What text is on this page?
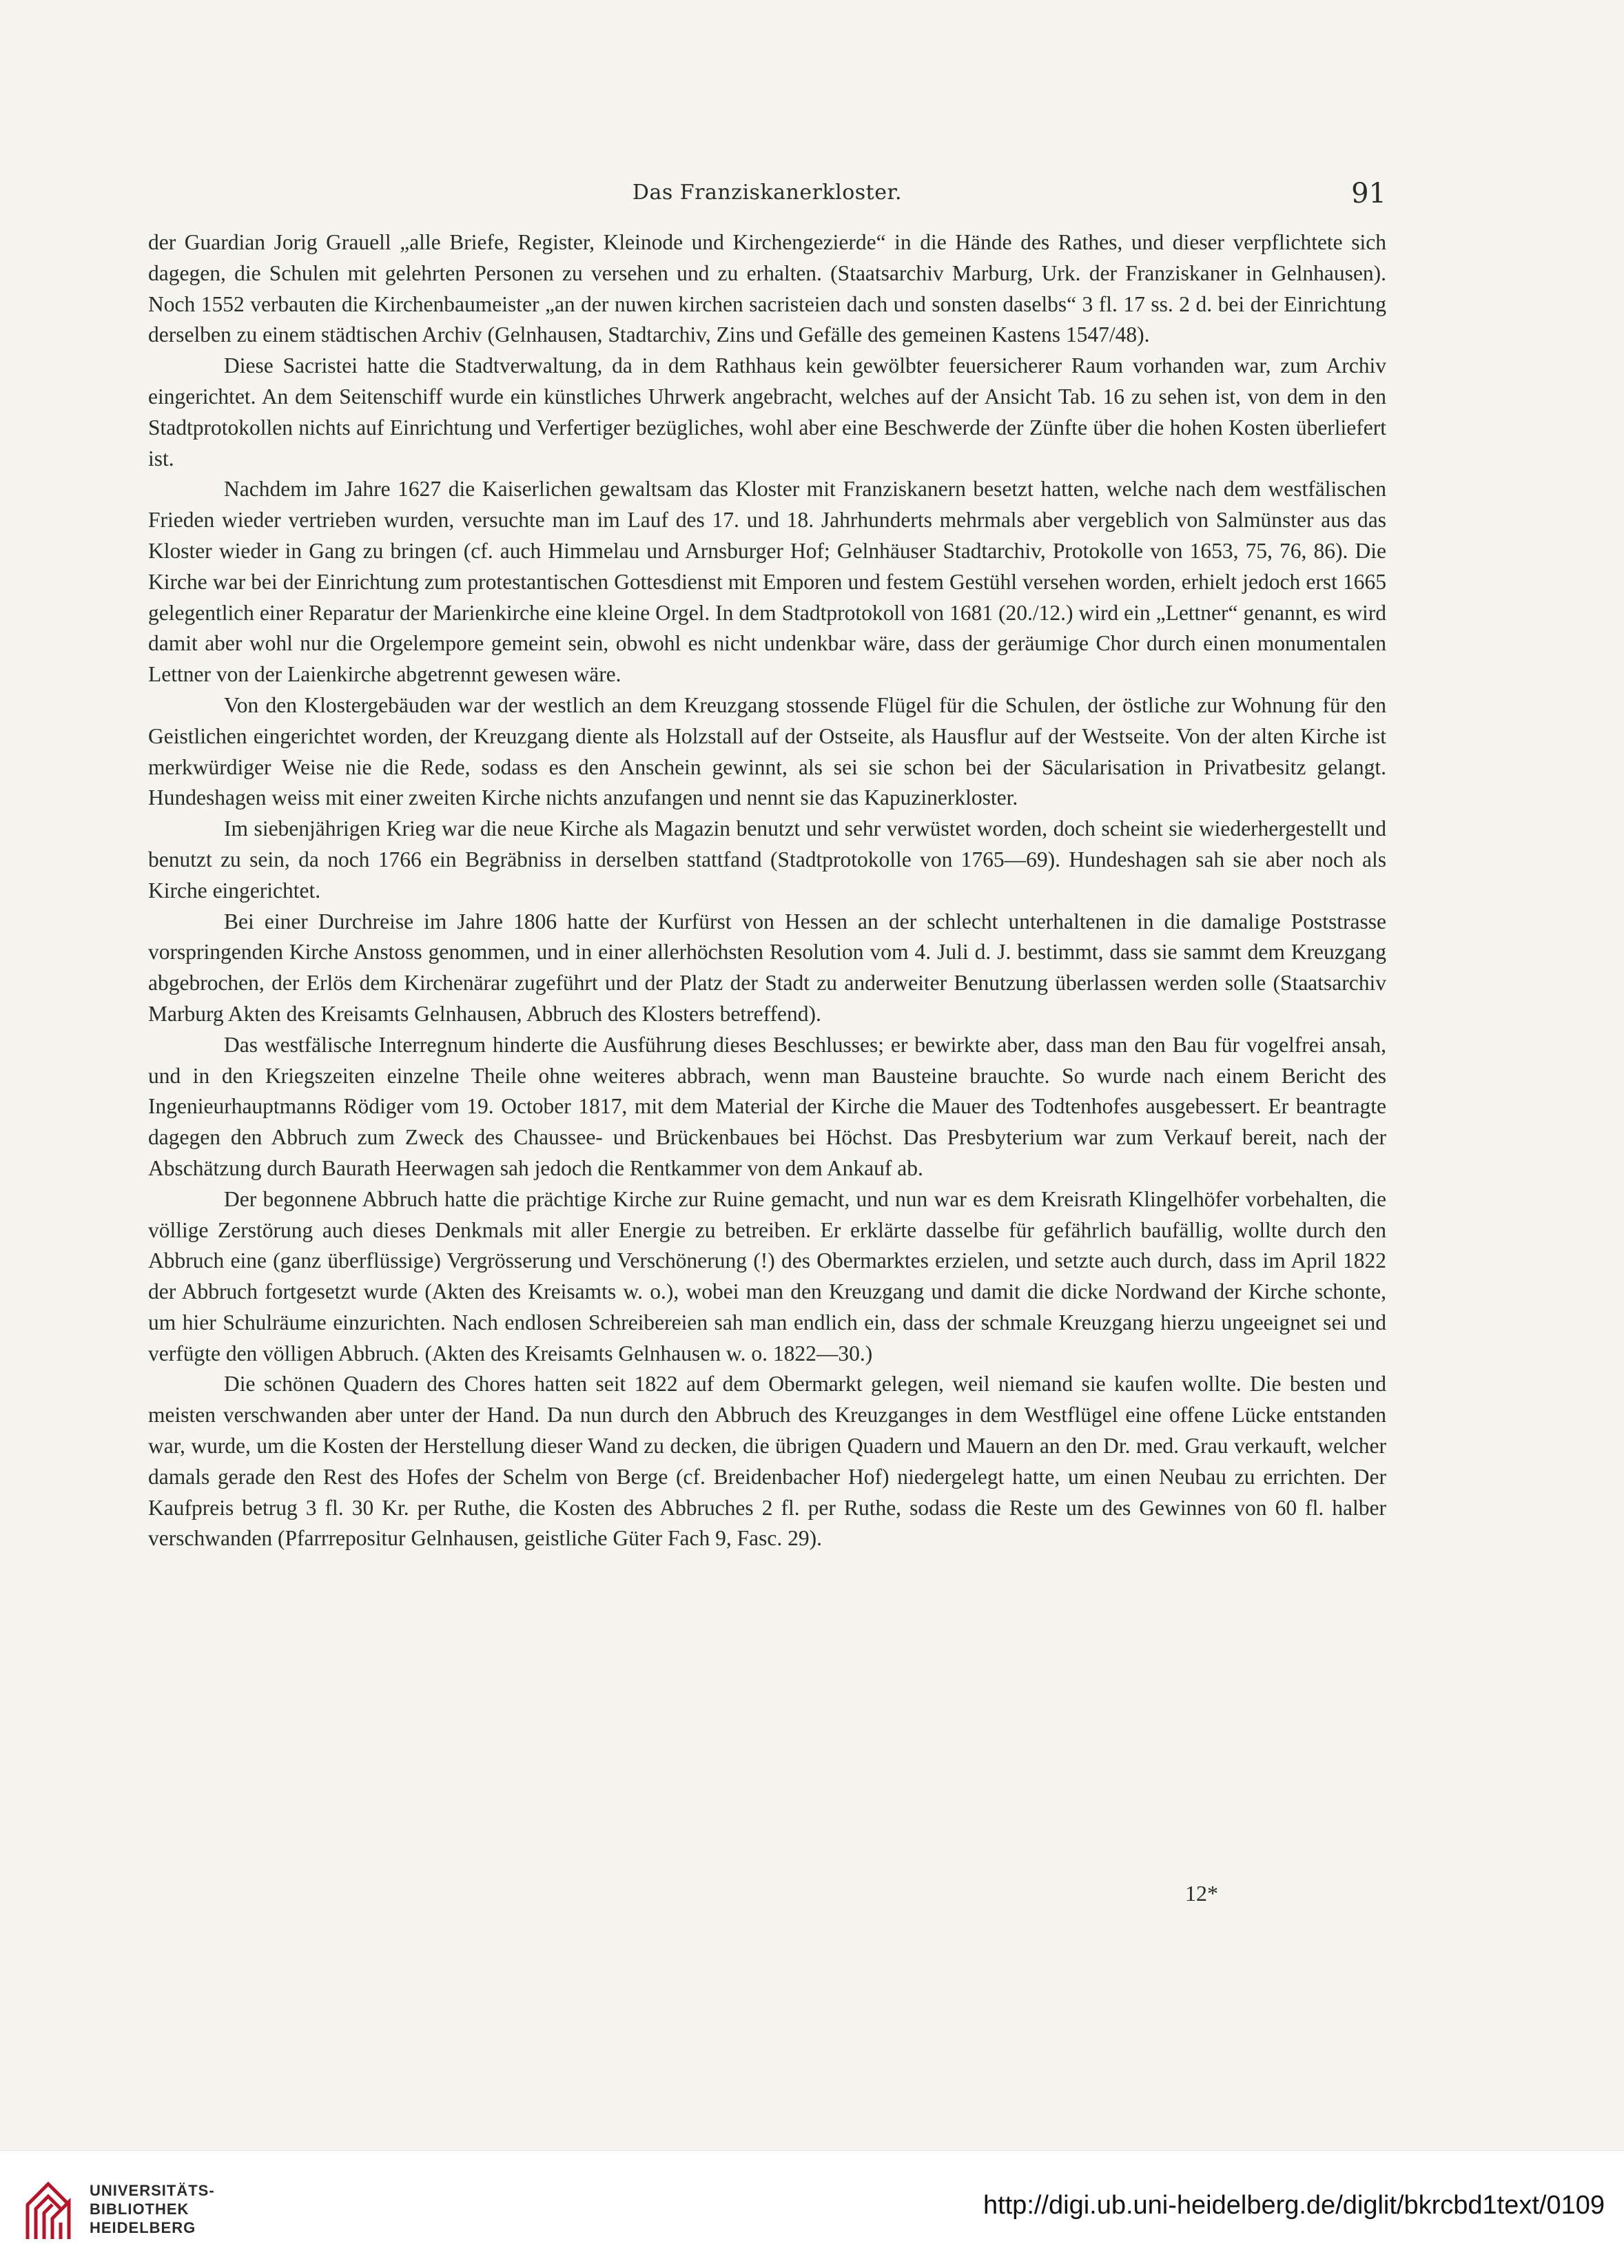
Das Franziskanerkloster.	91

der Guardian Jorig Grauell „alle Briefe, Register, Kleinode und Kirchengezierde“ in die Hände des Rathes, und dieser verpflichtete sich dagegen, die Schulen mit gelehrten Personen zu versehen und zu erhalten. (Staatsarchiv Marburg, Urk. der Franziskaner in Gelnhausen). Noch 1552 verbauten die Kirchenbaumeister „an der nuwen kirchen sacristeien dach und sonsten daselbs“ 3 fl. 17 ss. 2 d. bei der Einrichtung derselben zu einem städtischen Archiv (Gelnhausen, Stadtarchiv, Zins und Gefälle des gemeinen Kastens 1547/48).

Diese Sacristei hatte die Stadtverwaltung, da in dem Rathhaus kein gewölbter feuersicherer Raum vorhanden war, zum Archiv eingerichtet. An dem Seitenschiff wurde ein künstliches Uhrwerk angebracht, welches auf der Ansicht Tab. 16 zu sehen ist, von dem in den Stadtprotokollen nichts auf Einrichtung und Verfertiger bezügliches, wohl aber eine Beschwerde der Zünfte über die hohen Kosten überliefert ist.

Nachdem im Jahre 1627 die Kaiserlichen gewaltsam das Kloster mit Franziskanern besetzt hatten, welche nach dem westfälischen Frieden wieder vertrieben wurden, versuchte man im Lauf des 17. und 18. Jahrhunderts mehrmals aber vergeblich von Salmünster aus das Kloster wieder in Gang zu bringen (cf. auch Himmelau und Arnsburger Hof; Gelnhäuser Stadtarchiv, Protokolle von 1653, 75, 76, 86). Die Kirche war bei der Einrichtung zum protestantischen Gottesdienst mit Emporen und festem Gestühl versehen worden, erhielt jedoch erst 1665 gelegentlich einer Reparatur der Marienkirche eine kleine Orgel. In dem Stadtprotokoll von 1681 (20./12.) wird ein „Lettner“ genannt, es wird damit aber wohl nur die Orgelempore gemeint sein, obwohl es nicht undenkbar wäre, dass der geräumige Chor durch einen monumentalen Lettner von der Laienkirche abgetrennt gewesen wäre.

Von den Klostergebäuden war der westlich an dem Kreuzgang stossende Flügel für die Schulen, der östliche zur Wohnung für den Geistlichen eingerichtet worden, der Kreuzgang diente als Holzstall auf der Ostseite, als Hausflur auf der Westseite. Von der alten Kirche ist merkwürdiger Weise nie die Rede, sodass es den Anschein gewinnt, als sei sie schon bei der Säcularisation in Privatbesitz gelangt. Hundeshagen weiss mit einer zweiten Kirche nichts anzufangen und nennt sie das Kapuzinerkloster.

Im siebenjährigen Krieg war die neue Kirche als Magazin benutzt und sehr verwüstet worden, doch scheint sie wiederhergestellt und benutzt zu sein, da noch 1766 ein Begräbniss in derselben stattfand (Stadtprotokolle von 1765—69). Hundeshagen sah sie aber noch als Kirche eingerichtet.

Bei einer Durchreise im Jahre 1806 hatte der Kurfürst von Hessen an der schlecht unterhaltenen in die damalige Poststrasse vorspringenden Kirche Anstoss genommen, und in einer allerhöchsten Resolution vom 4. Juli d. J. bestimmt, dass sie sammt dem Kreuzgang abgebrochen, der Erlös dem Kirchenärar zugeführt und der Platz der Stadt zu anderweiter Benutzung überlassen werden solle (Staatsarchiv Marburg Akten des Kreisamts Gelnhausen, Abbruch des Klosters betreffend).

Das westfälische Interregnum hinderte die Ausführung dieses Beschlusses; er bewirkte aber, dass man den Bau für vogelfrei ansah, und in den Kriegszeiten einzelne Theile ohne weiteres abbrach, wenn man Bausteine brauchte. So wurde nach einem Bericht des Ingenieurhauptmanns Rödiger vom 19. October 1817, mit dem Material der Kirche die Mauer des Todtenhofes ausgebessert. Er beantragte dagegen den Abbruch zum Zweck des Chaussee- und Brückenbaues bei Höchst. Das Presbyterium war zum Verkauf bereit, nach der Abschätzung durch Baurath Heerwagen sah jedoch die Rentkammer von dem Ankauf ab.

Der begonnene Abbruch hatte die prächtige Kirche zur Ruine gemacht, und nun war es dem Kreisrath Klingelhöfer vorbehalten, die völlige Zerstörung auch dieses Denkmals mit aller Energie zu betreiben. Er erklärte dasselbe für gefährlich baufällig, wollte durch den Abbruch eine (ganz überflüssige) Vergrösserung und Verschönerung (!) des Obermarktes erzielen, und setzte auch durch, dass im April 1822 der Abbruch fortgesetzt wurde (Akten des Kreisamts w. o.), wobei man den Kreuzgang und damit die dicke Nordwand der Kirche schonte, um hier Schulräume einzurichten. Nach endlosen Schreibereien sah man endlich ein, dass der schmale Kreuzgang hierzu ungeeignet sei und verfügte den völligen Abbruch. (Akten des Kreisamts Gelnhausen w. o. 1822—30.)

Die schönen Quadern des Chores hatten seit 1822 auf dem Obermarkt gelegen, weil niemand sie kaufen wollte. Die besten und meisten verschwanden aber unter der Hand. Da nun durch den Abbruch des Kreuzganges in dem Westflügel eine offene Lücke entstanden war, wurde, um die Kosten der Herstellung dieser Wand zu decken, die übrigen Quadern und Mauern an den Dr. med. Grau verkauft, welcher damals gerade den Rest des Hofes der Schelm von Berge (cf. Breidenbacher Hof) niedergelegt hatte, um einen Neubau zu errichten. Der Kaufpreis betrug 3 fl. 30 Kr. per Ruthe, die Kosten des Abbruches 2 fl. per Ruthe, sodass die Reste um des Gewinnes von 60 fl. halber verschwanden (Pfarrrepositur Gelnhausen, geistliche Güter Fach 9, Fasc. 29).

12*
UNIVERSITÄTS-
BIBLIOTHEK
HEIDELBERG
http://digi.ub.uni-heidelberg.de/diglit/bkrcbd1text/0109
